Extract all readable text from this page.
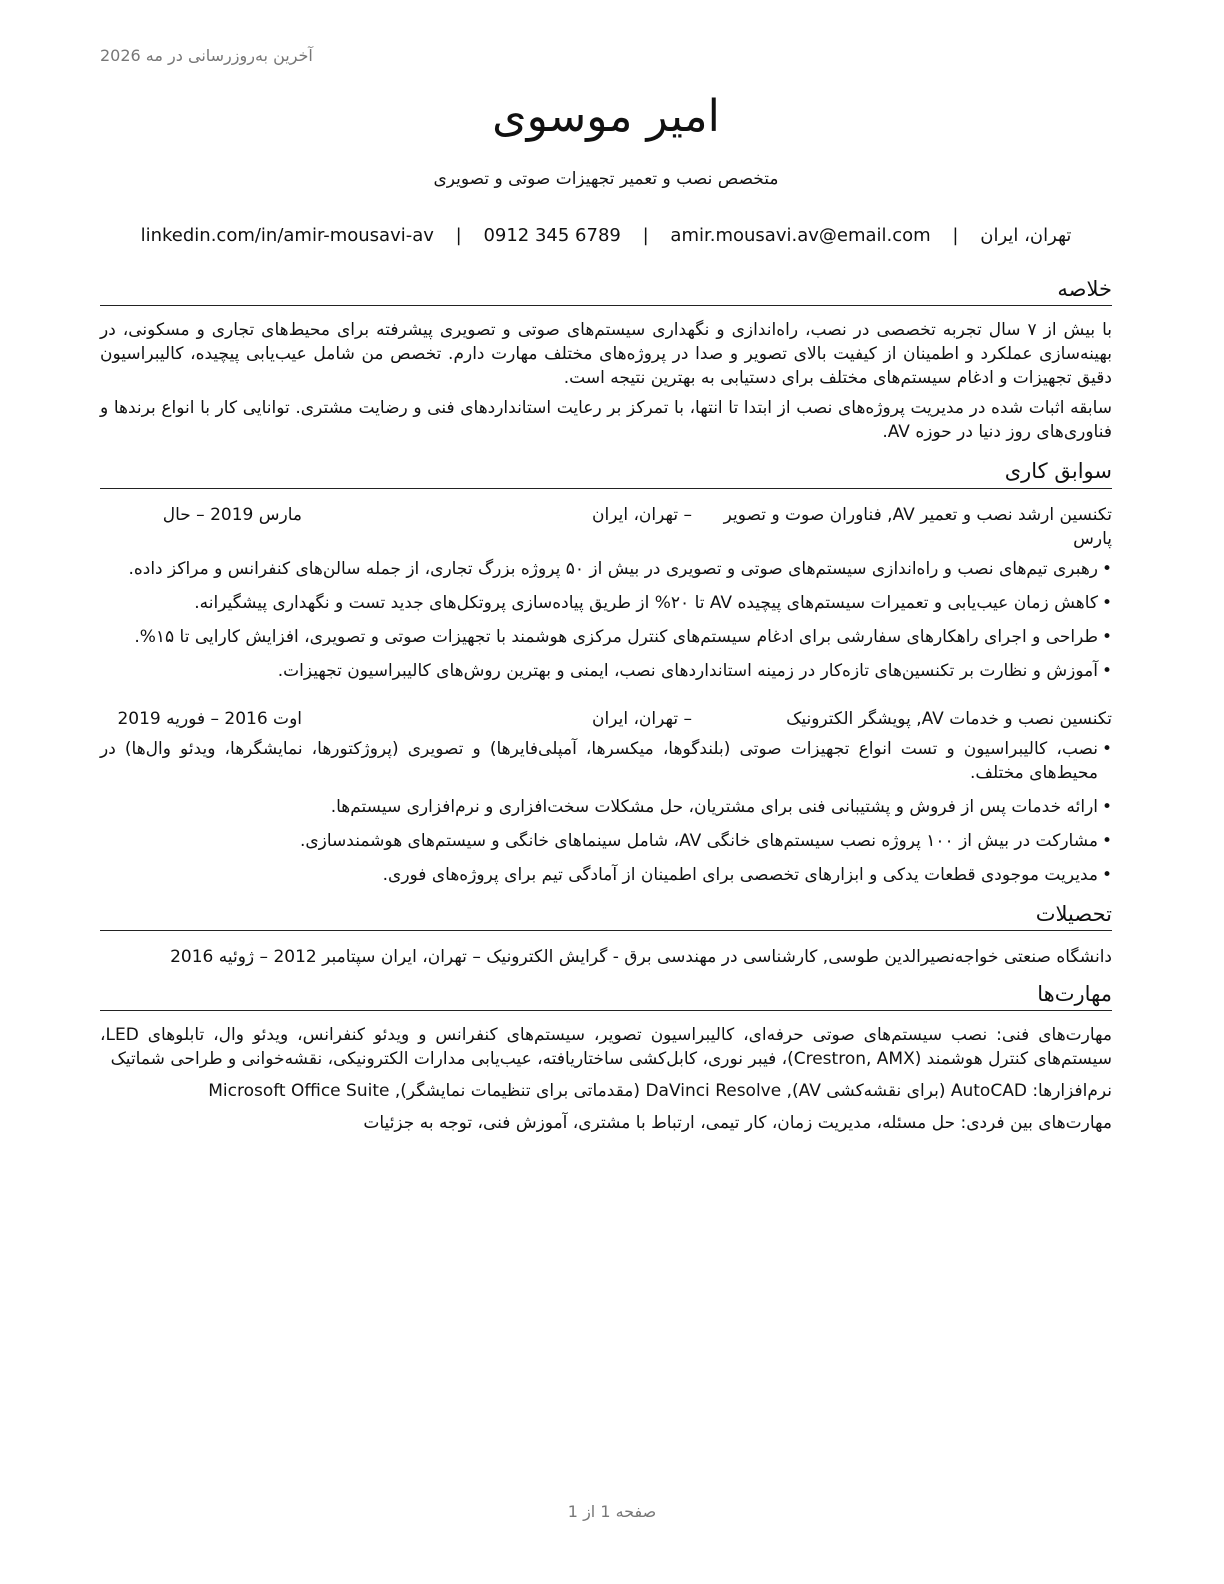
آخرین به‌روزرسانی در مه 2026
امیر موسوی

متخصص نصب و تعمیر تجهیزات صوتی و تصویری

تهران، ایران | amir.mousavi.av@email.com | 0912 345 6789 | linkedin.com/in/amir-mousavi-av
خلاصه

با بیش از ۷ سال تجربه تخصصی در نصب، راه‌اندازی و نگهداری سیستم‌های صوتی و تصویری پیشرفته برای محیط‌های تجاری و مسکونی، در بهینه‌سازی عملکرد و اطمینان از کیفیت بالای تصویر و صدا در پروژه‌های مختلف مهارت دارم. تخصص من شامل عیب‌یابی پیچیده، کالیبراسیون دقیق تجهیزات و ادغام سیستم‌های مختلف برای دستیابی به بهترین نتیجه است.

سابقه اثبات شده در مدیریت پروژه‌های نصب از ابتدا تا انتها، با تمرکز بر رعایت استانداردهای فنی و رضایت مشتری. توانایی کار با انواع برندها و فناوری‌های روز دنیا در حوزه AV.

سوابق کاری
تکنسین ارشد نصب و تعمیر AV, فناوران صوت و تصویر پارس
– تهران، ایران
مارس 2019 – حال
• رهبری تیم‌های نصب و راه‌اندازی سیستم‌های صوتی و تصویری در بیش از ۵۰ پروژه بزرگ تجاری، از جمله سالن‌های کنفرانس و مراکز داده.
• کاهش زمان عیب‌یابی و تعمیرات سیستم‌های پیچیده AV تا ۲۰% از طریق پیاده‌سازی پروتکل‌های جدید تست و نگهداری پیشگیرانه.
• طراحی و اجرای راهکارهای سفارشی برای ادغام سیستم‌های کنترل مرکزی هوشمند با تجهیزات صوتی و تصویری، افزایش کارایی تا ۱۵%.
• آموزش و نظارت بر تکنسین‌های تازه‌کار در زمینه استانداردهای نصب، ایمنی و بهترین روش‌های کالیبراسیون تجهیزات.
تکنسین نصب و خدمات AV, پویشگر الکترونیک
– تهران، ایران
اوت 2016 – فوریه 2019
• نصب، کالیبراسیون و تست انواع تجهیزات صوتی (بلندگوها، میکسرها، آمپلی‌فایرها) و تصویری (پروژکتورها، نمایشگرها، ویدئو وال‌ها) در محیط‌های مختلف.
• ارائه خدمات پس از فروش و پشتیبانی فنی برای مشتریان، حل مشکلات سخت‌افزاری و نرم‌افزاری سیستم‌ها.
• مشارکت در بیش از ۱۰۰ پروژه نصب سیستم‌های خانگی AV، شامل سینماهای خانگی و سیستم‌های هوشمندسازی.
• مدیریت موجودی قطعات یدکی و ابزارهای تخصصی برای اطمینان از آمادگی تیم برای پروژه‌های فوری.
تحصیلات
دانشگاه صنعتی خواجه‌نصیرالدین طوسی, کارشناسی در مهندسی برق - گرایش الکترونیک – تهران، ایران سپتامبر 2012 – ژوئیه 2016
مهارت‌ها

مهارت‌های فنی: نصب سیستم‌های صوتی حرفه‌ای، کالیبراسیون تصویر، سیستم‌های کنفرانس و ویدئو کنفرانس، ویدئو وال، تابلوهای LED، سیستم‌های کنترل هوشمند (Crestron, AMX)، فیبر نوری، کابل‌کشی ساختاریافته، عیب‌یابی مدارات الکترونیکی، نقشه‌خوانی و طراحی شماتیک

نرم‌افزارها: AutoCAD (برای نقشه‌کشی AV), DaVinci Resolve (مقدماتی برای تنظیمات نمایشگر), Microsoft Office Suite

مهارت‌های بین فردی: حل مسئله، مدیریت زمان، کار تیمی، ارتباط با مشتری، آموزش فنی، توجه به جزئیات

صفحه 1 از 1
